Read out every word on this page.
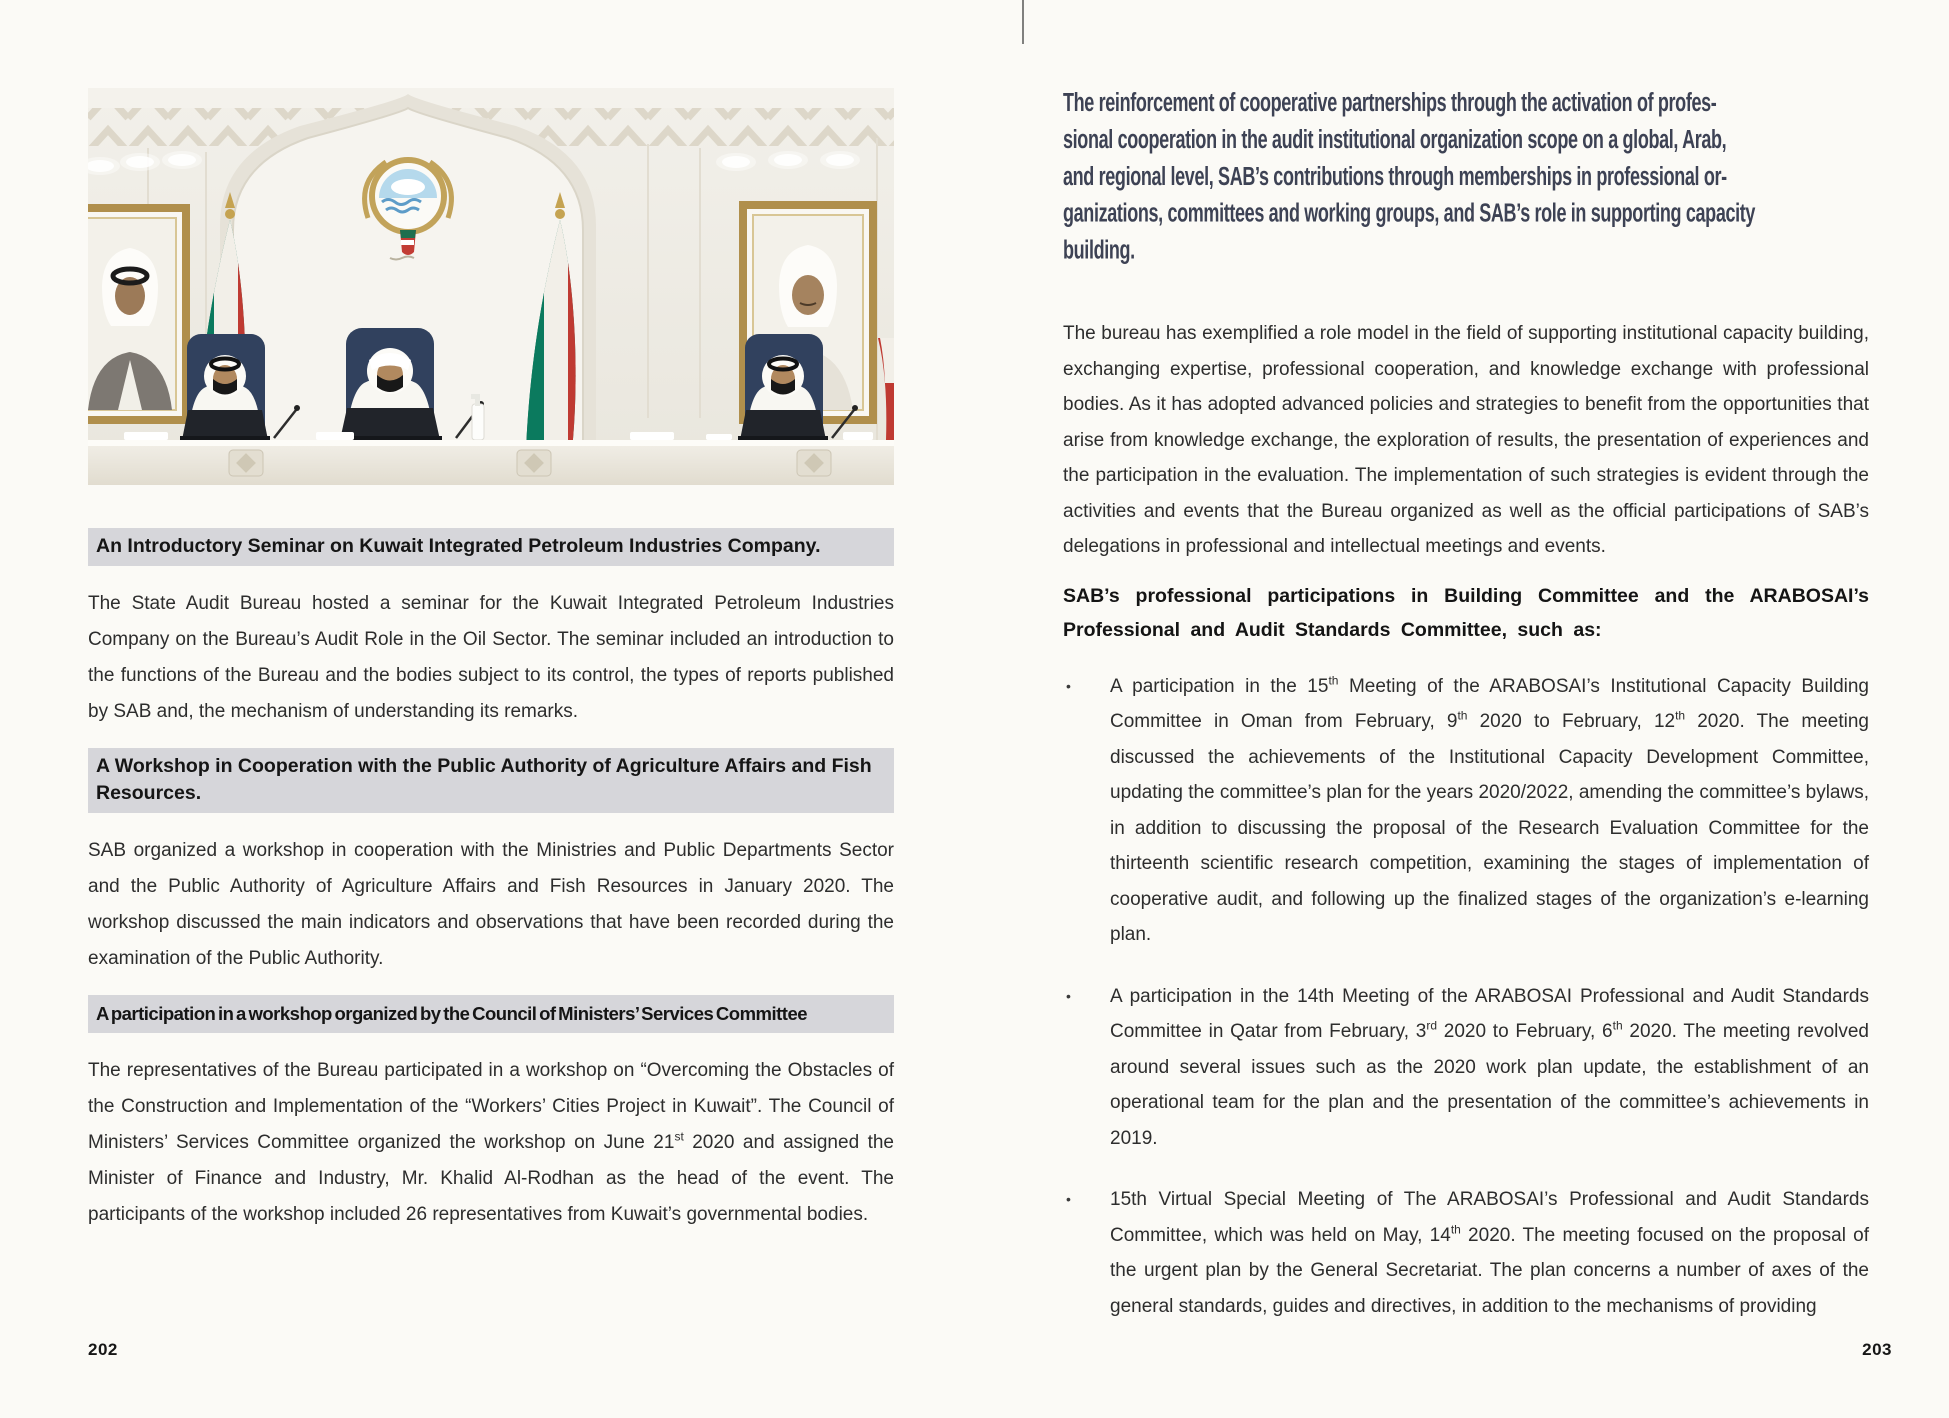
An Introductory Seminar on Kuwait Integrated Petroleum Industries Company.

The State Audit Bureau hosted a seminar for the Kuwait Integrated Petroleum Industries Company on the Bureau’s Audit Role in the Oil Sector. The seminar included an introduction to the functions of the Bureau and the bodies subject to its control, the types of reports published by SAB and, the mechanism of understanding its remarks.

A Workshop in Cooperation with the Public Authority of Agriculture Affairs and Fish Resources.

SAB organized a workshop in cooperation with the Ministries and Public Departments Sector and the Public Authority of Agriculture Affairs and Fish Resources in January 2020. The workshop discussed the main indicators and observations that have been recorded during the examination of the Public Authority.

A participation in a workshop organized by the Council of Ministers’ Services Committee

The representatives of the Bureau participated in a workshop on “Overcoming the Obstacles of the Construction and Implementation of the “Workers’ Cities Project in Kuwait”. The Council of Ministers’ Services Committee organized the workshop on June 21st 2020 and assigned the Minister of Finance and Industry, Mr. Khalid Al-Rodhan as the head of the event. The participants of the workshop included 26 representatives from Kuwait’s governmental bodies.

202
The reinforcement of cooperative partnerships through the activation of profes-
sional cooperation in the audit institutional organization scope on a global, Arab,
and regional level, SAB’s contributions through memberships in professional or-
ganizations, committees and working groups, and SAB’s role in supporting capacity
building.

The bureau has exemplified a role model in the field of supporting institutional capacity building, exchanging expertise, professional cooperation, and knowledge exchange with professional bodies. As it has adopted advanced policies and strategies to benefit from the opportunities that arise from knowledge exchange, the exploration of results, the presentation of experiences and the participation in the evaluation. The implementation of such strategies is evident through the activities and events that the Bureau organized as well as the official participations of SAB’s delegations in professional and intellectual meetings and events.

SAB’s professional participations in Building Committee and the ARABOSAI’s Professional and Audit Standards Committee, such as:

•	A participation in the 15th Meeting of the ARABOSAI’s Institutional Capacity Building Committee in Oman from February, 9th 2020 to February, 12th 2020. The meeting discussed the achievements of the Institutional Capacity Development Committee, updating the committee’s plan for the years 2020/2022, amending the committee’s bylaws, in addition to discussing the proposal of the Research Evaluation Committee for the thirteenth scientific research competition, examining the stages of implementation of cooperative audit, and following up the finalized stages of the organization’s e-learning plan.
•	A participation in the 14th Meeting of the ARABOSAI Professional and Audit Standards Committee in Qatar from February, 3rd 2020 to February, 6th 2020. The meeting revolved around several issues such as the 2020 work plan update, the establishment of an operational team for the plan and the presentation of the committee’s achievements in 2019.
•	15th Virtual Special Meeting of The ARABOSAI’s Professional and Audit Standards Committee, which was held on May, 14th 2020. The meeting focused on the proposal of the urgent plan by the General Secretariat. The plan concerns a number of axes of the general standards, guides and directives, in addition to the mechanisms of providing
203
